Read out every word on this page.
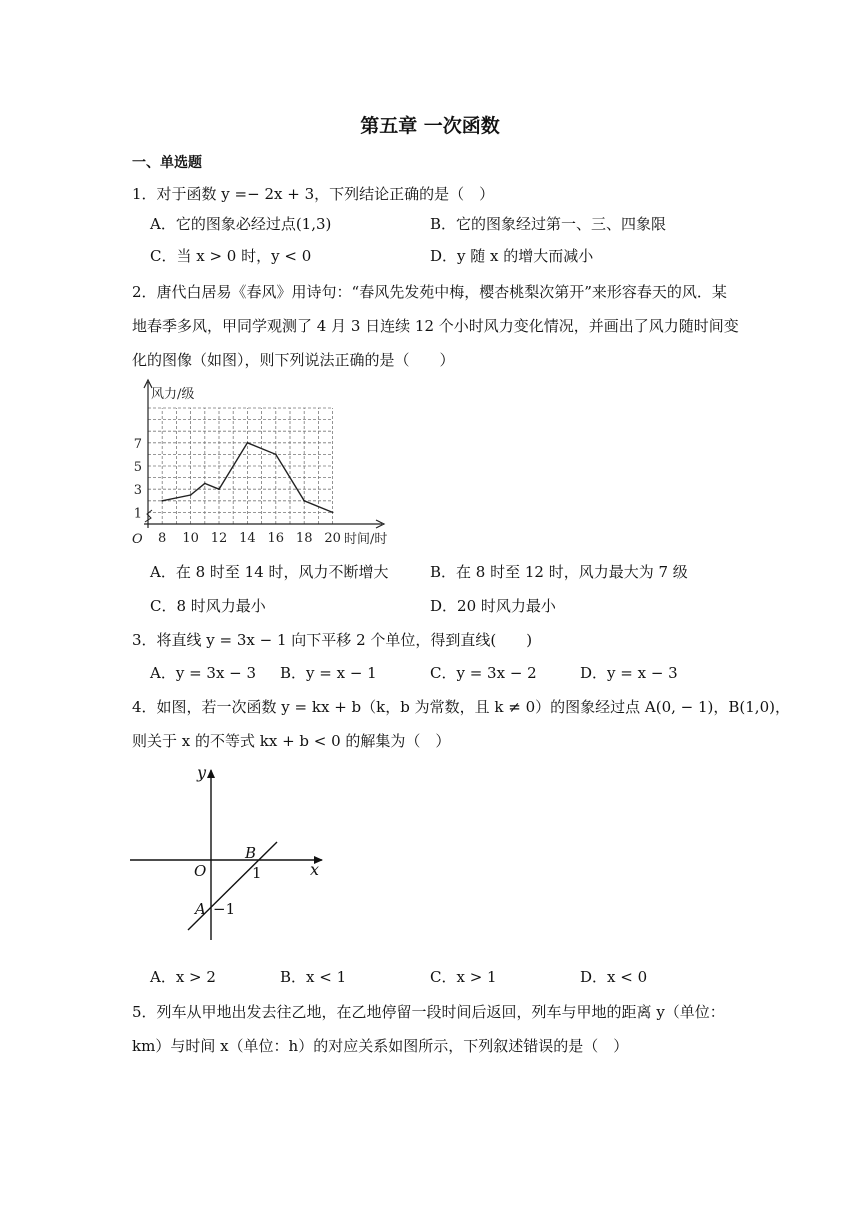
第五章 一次函数
一、单选题
1．对于函数 y =− 2x + 3，下列结论正确的是（　）
A．它的图象必经过点(1,3)	B．它的图象经过第一、三、四象限
C．当 x > 0 时，y < 0	D．y 随 x 的增大而减小
2．唐代白居易《春风》用诗句：“春风先发苑中梅，樱杏桃梨次第开”来形容春天的风．某
地春季多风，甲同学观测了 4 月 3 日连续 12 个小时风力变化情况，并画出了风力随时间变
化的图像（如图），则下列说法正确的是（　　）
风力/级
时间/时
O 8 10 12 14 16 18 20
1
3
5
7
A．在 8 时至 14 时，风力不断增大	B．在 8 时至 12 时，风力最大为 7 级
C．8 时风力最小	D．20 时风力最小
3．将直线 y = 3x − 1 向下平移 2 个单位，得到直线(　　)
A．y = 3x − 3 B．y = x − 1	C．y = 3x − 2	D．y = x − 3
4．如图，若一次函数 y = kx + b（k，b 为常数，且 k ≠ 0）的图象经过点 A(0, − 1)，B(1,0)，
则关于 x 的不等式 kx + b < 0 的解集为（　）
y
x
O
B
A
1
−1
A．x > 2	B．x < 1	C．x > 1	D．x < 0
5．列车从甲地出发去往乙地，在乙地停留一段时间后返回，列车与甲地的距离 y（单位：
km）与时间 x（单位：h）的对应关系如图所示，下列叙述错误的是（　）
